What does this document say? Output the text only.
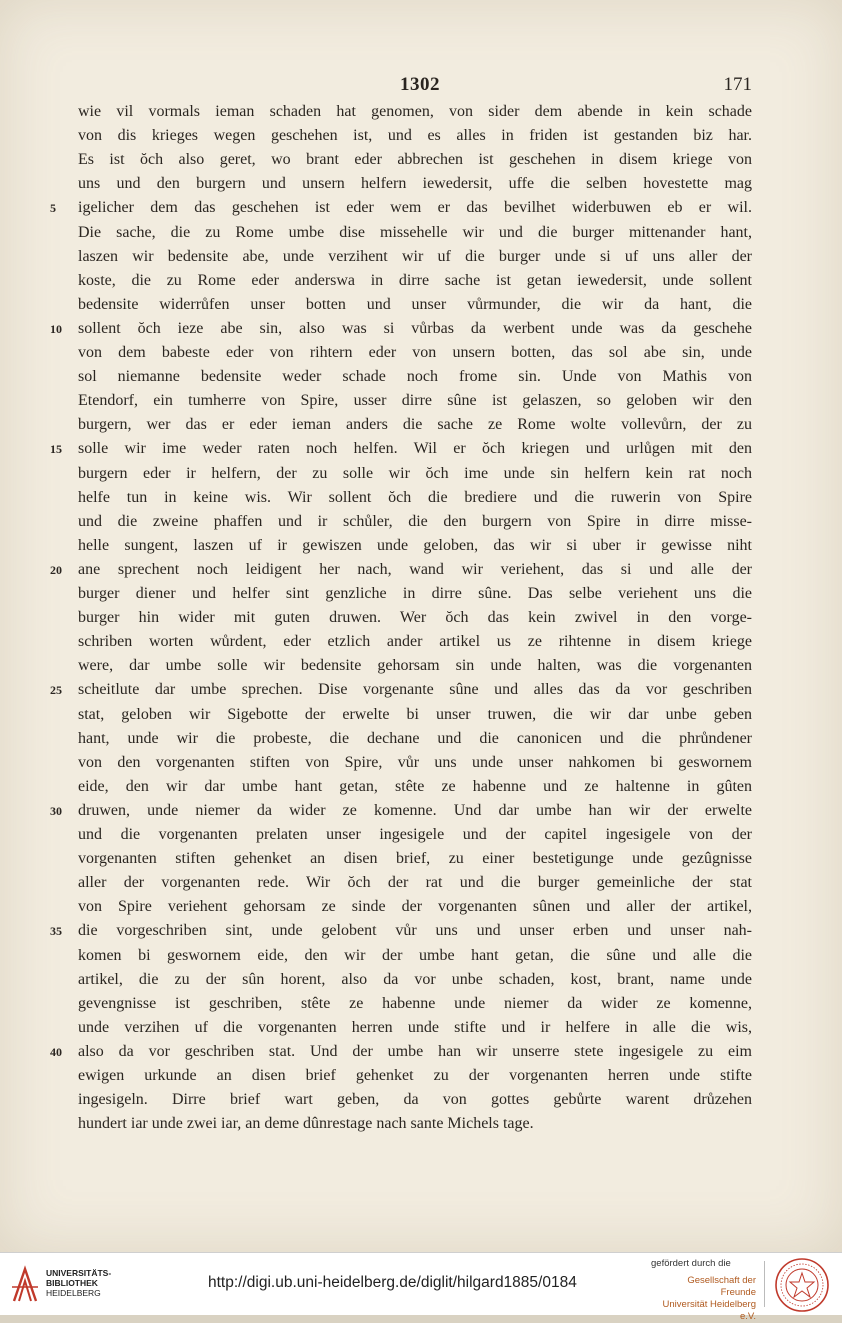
1302	171
wie vil vormals ieman schaden hat genomen, von sider dem abende in kein schade
von dis krieges wegen geschehen ist, und es alles in friden ist gestanden biz har.
Es ist ŏch also geret, wo brant eder abbrechen ist geschehen in disem kriege von
uns und den burgern und unsern helfern iewedersit, uffe die selben hovestette mag
igelicher dem das geschehen ist eder wem er das bevilhet widerbuwen eb er wil.
5
Die sache, die zu Rome umbe dise missehelle wir und die burger mittenander hant,
laszen wir bedensite abe, unde verzihent wir uf die burger unde si uf uns aller der
koste, die zu Rome eder anderswa in dirre sache ist getan iewedersit, unde sollent
bedensite widerrůfen unser botten und unser vůrmunder, die wir da hant, die
sollent ŏch ieze abe sin, also was si vůrbas da werbent unde was da geschehe
10
von dem babeste eder von rihtern eder von unsern botten, das sol abe sin, unde
sol niemanne bedensite weder schade noch frome sin. Unde von Mathis von
Etendorf, ein tumherre von Spire, usser dirre sûne ist gelaszen, so geloben wir den
burgern, wer das er eder ieman anders die sache ze Rome wolte vollevůrn, der zu
solle wir ime weder raten noch helfen. Wil er ŏch kriegen und urlůgen mit den
15
burgern eder ir helfern, der zu solle wir ŏch ime unde sin helfern kein rat noch
helfe tun in keine wis. Wir sollent ŏch die brediere und die ruwerin von Spire
und die zweine phaffen und ir schůler, die den burgern von Spire in dirre misse-
helle sungent, laszen uf ir gewiszen unde geloben, das wir si uber ir gewisse niht
ane sprechent noch leidigent her nach, wand wir veriehent, das si und alle der
20
burger diener und helfer sint genzliche in dirre sûne. Das selbe veriehent uns die
burger hin wider mit guten druwen. Wer ŏch das kein zwivel in den vorge-
schriben worten wůrdent, eder etzlich ander artikel us ze rihtenne in disem kriege
were, dar umbe solle wir bedensite gehorsam sin unde halten, was die vorgenanten
scheitlute dar umbe sprechen. Dise vorgenante sûne und alles das da vor geschriben
25
stat, geloben wir Sigebotte der erwelte bi unser truwen, die wir dar unbe geben
hant, unde wir die probeste, die dechane und die canonicen und die phrůndener
von den vorgenanten stiften von Spire, vůr uns unde unser nahkomen bi geswornem
eide, den wir dar umbe hant getan, stête ze habenne und ze haltenne in gûten
druwen, unde niemer da wider ze komenne. Und dar umbe han wir der erwelte
30
und die vorgenanten prelaten unser ingesigele und der capitel ingesigele von der
vorgenanten stiften gehenket an disen brief, zu einer bestetigunge unde gezûgnisse
aller der vorgenanten rede. Wir ŏch der rat und die burger gemeinliche der stat
von Spire veriehent gehorsam ze sinde der vorgenanten sûnen und aller der artikel,
die vorgeschriben sint, unde gelobent vůr uns und unser erben und unser nah-
35
komen bi geswornem eide, den wir der umbe hant getan, die sûne und alle die
artikel, die zu der sûn horent, also da vor unbe schaden, kost, brant, name unde
gevengnisse ist geschriben, stête ze habenne unde niemer da wider ze komenne,
unde verzihen uf die vorgenanten herren unde stifte und ir helfere in alle die wis,
also da vor geschriben stat. Und der umbe han wir unserre stete ingesigele zu eim
40
ewigen urkunde an disen brief gehenket zu der vorgenanten herren unde stifte
ingesigeln. Dirre brief wart geben, da von gottes gebůrte warent drůzehen
hundert iar unde zwei iar, an deme dûnrestage nach sante Michels tage.
UNIVERSITÄTS-
BIBLIOTHEK
HEIDELBERG
http://digi.ub.uni-heidelberg.de/diglit/hilgard1885/0184
gefördert durch die
Gesellschaft der Freunde
Universität Heidelberg e.V.
